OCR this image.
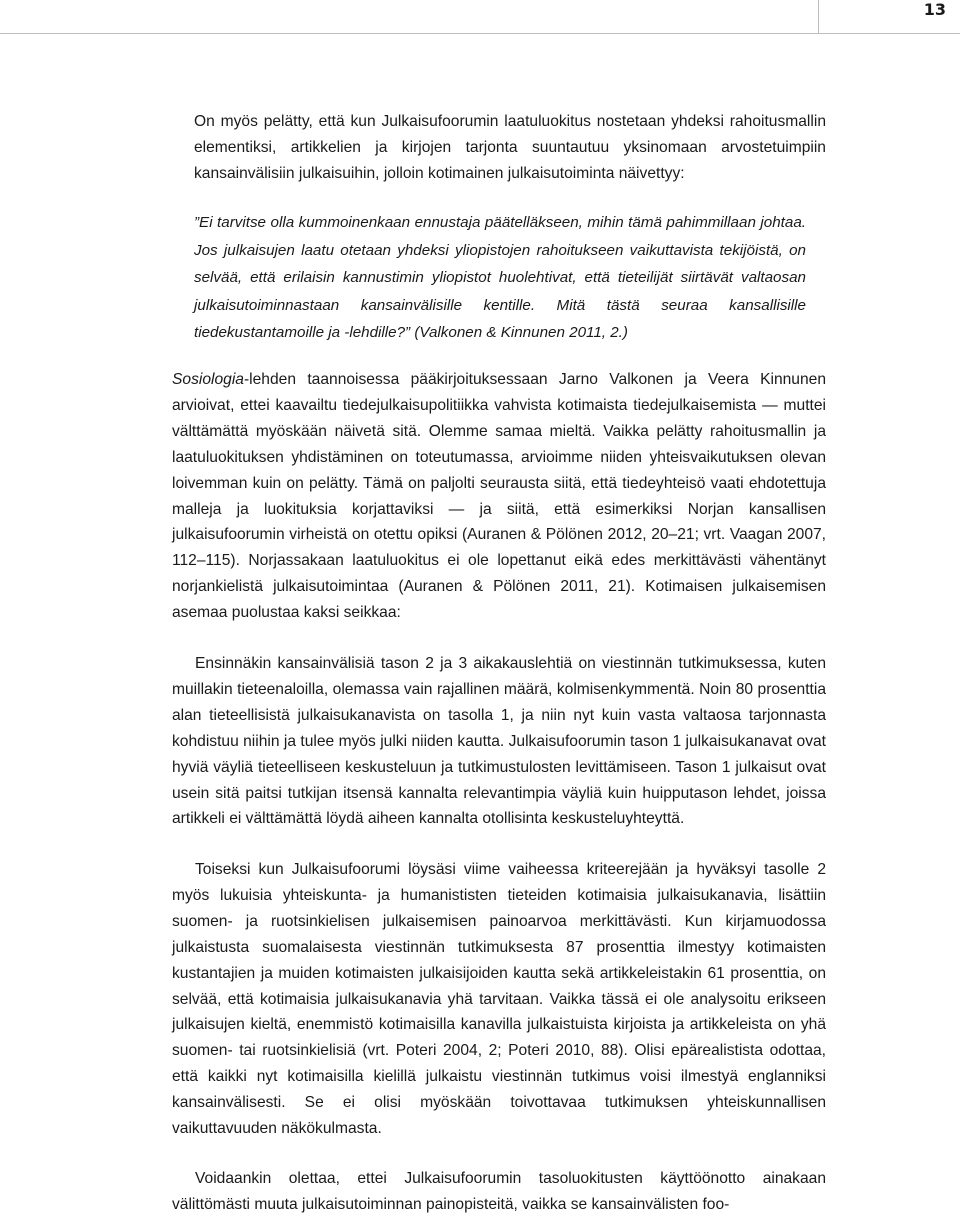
13

On myös pelätty, että kun Julkaisufoorumin laatuluokitus nostetaan yhdeksi rahoitusmallin elementiksi, artikkelien ja kirjojen tarjonta suuntautuu yksinomaan arvostetuimpiin kansainvälisiin julkaisuihin, jolloin kotimainen julkaisutoiminta näivettyy:

”Ei tarvitse olla kummoinenkaan ennustaja päätelläkseen, mihin tämä pahimmillaan johtaa. Jos julkaisujen laatu otetaan yhdeksi yliopistojen rahoitukseen vaikuttavista tekijöistä, on selvää, että erilaisin kannustimin yliopistot huolehtivat, että tieteilijät siirtävät valtaosan julkaisutoiminnastaan kansainvälisille kentille. Mitä tästä seuraa kansallisille tiedekustantamoille ja -lehdille?” (Valkonen & Kinnunen 2011, 2.)

Sosiologia-lehden taannoisessa pääkirjoituksessaan Jarno Valkonen ja Veera Kinnunen arvioivat, ettei kaavailtu tiedejulkaisupolitiikka vahvista kotimaista tiedejulkaisemista — muttei välttämättä myöskään näivetä sitä. Olemme samaa mieltä. Vaikka pelätty rahoitusmallin ja laatuluokituksen yhdistäminen on toteutumassa, arvioimme niiden yhteisvaikutuksen olevan loivemman kuin on pelätty. Tämä on paljolti seurausta siitä, että tiedeyhteisö vaati ehdotettuja malleja ja luokituksia korjattaviksi — ja siitä, että esimerkiksi Norjan kansallisen julkaisufoorumin virheistä on otettu opiksi (Auranen & Pölönen 2012, 20–21; vrt. Vaagan 2007, 112–115). Norjassakaan laatuluokitus ei ole lopettanut eikä edes merkittävästi vähentänyt norjankielistä julkaisutoimintaa (Auranen & Pölönen 2011, 21). Kotimaisen julkaisemisen asemaa puolustaa kaksi seikkaa:

Ensinnäkin kansainvälisiä tason 2 ja 3 aikakauslehtiä on viestinnän tutkimuksessa, kuten muillakin tieteenaloilla, olemassa vain rajallinen määrä, kolmisenkymmentä. Noin 80 prosenttia alan tieteellisistä julkaisukanavista on tasolla 1, ja niin nyt kuin vasta valtaosa tarjonnasta kohdistuu niihin ja tulee myös julki niiden kautta. Julkaisufoorumin tason 1 julkaisukanavat ovat hyviä väyliä tieteelliseen keskusteluun ja tutkimustulosten levittämiseen. Tason 1 julkaisut ovat usein sitä paitsi tutkijan itsensä kannalta relevantimpia väyliä kuin huipputason lehdet, joissa artikkeli ei välttämättä löydä aiheen kannalta otollisinta keskusteluyhteyttä.

Toiseksi kun Julkaisufoorumi löysäsi viime vaiheessa kriteerejään ja hyväksyi tasolle 2 myös lukuisia yhteiskunta- ja humanististen tieteiden kotimaisia julkaisukanavia, lisättiin suomen- ja ruotsinkielisen julkaisemisen painoarvoa merkittävästi. Kun kirjamuodossa julkaistusta suomalaisesta viestinnän tutkimuksesta 87 prosenttia ilmestyy kotimaisten kustantajien ja muiden kotimaisten julkaisijoiden kautta sekä artikkeleistakin 61 prosenttia, on selvää, että kotimaisia julkaisukanavia yhä tarvitaan. Vaikka tässä ei ole analysoitu erikseen julkaisujen kieltä, enemmistö kotimaisilla kanavilla julkaistuista kirjoista ja artikkeleista on yhä suomen- tai ruotsinkielisiä (vrt. Poteri 2004, 2; Poteri 2010, 88). Olisi epärealistista odottaa, että kaikki nyt kotimaisilla kielillä julkaistu viestinnän tutkimus voisi ilmestyä englanniksi kansainvälisesti. Se ei olisi myöskään toivottavaa tutkimuksen yhteiskunnallisen vaikuttavuuden näkökulmasta.

Voidaankin olettaa, ettei Julkaisufoorumin tasoluokitusten käyttöönotto ainakaan välittömästi muuta julkaisutoiminnan painopisteitä, vaikka se kansainvälisten foo-
